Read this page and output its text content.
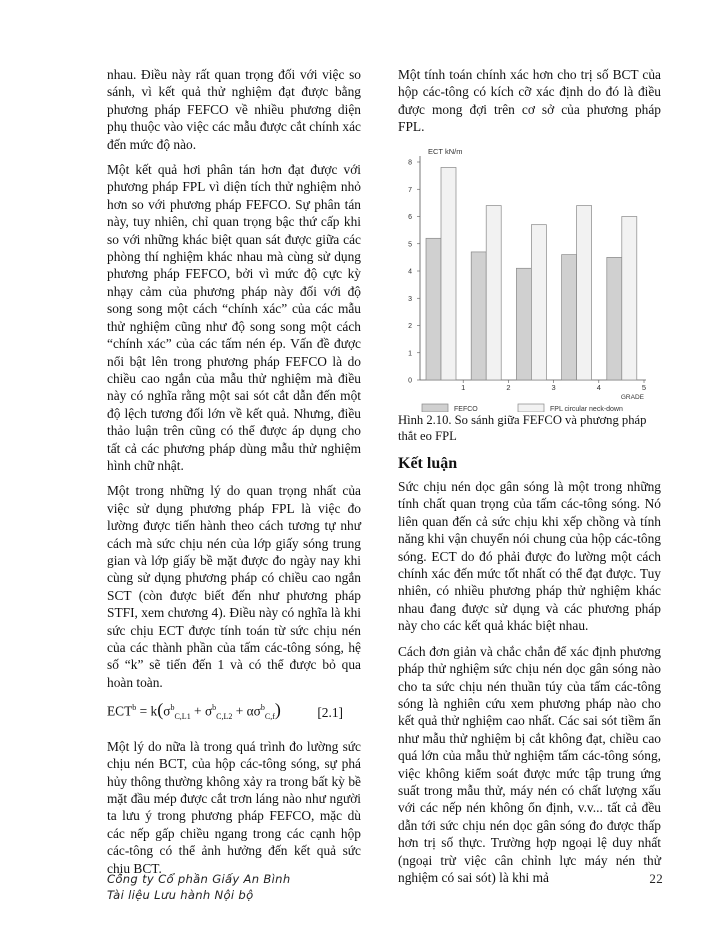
nhau. Điều này rất quan trọng đối với việc so sánh, vì kết quả thử nghiệm đạt được bằng phương pháp FEFCO về nhiều phương diện phụ thuộc vào việc các mẫu được cắt chính xác đến mức độ nào.

Một kết quả hơi phân tán hơn đạt được với phương pháp FPL vì diện tích thử nghiệm nhỏ hơn so với phương pháp FEFCO. Sự phân tán này, tuy nhiên, chỉ quan trọng bậc thứ cấp khi so với những khác biệt quan sát được giữa các phòng thí nghiệm khác nhau mà cùng sử dụng phương pháp FEFCO, bởi vì mức độ cực kỳ nhạy cảm của phương pháp này đối với độ song song một cách “chính xác” của các mẫu thử nghiệm cũng như độ song song một cách “chính xác” của các tấm nén ép. Vấn đề được nổi bật lên trong phương pháp FEFCO là do chiều cao ngắn của mẫu thử nghiệm mà điều này có nghĩa rằng một sai sót cắt dẫn đến một độ lệch tương đối lớn về kết quả. Nhưng, điều thảo luận trên cũng có thể được áp dụng cho tất cả các phương pháp dùng mẫu thử nghiệm hình chữ nhật.

Một trong những lý do quan trọng nhất của việc sử dụng phương pháp FPL là việc đo lường được tiến hành theo cách tương tự như cách mà sức chịu nén của lớp giấy sóng trung gian và lớp giấy bề mặt được đo ngày nay khi cùng sử dụng phương pháp có chiều cao ngắn SCT (còn được biết đến như phương pháp STFI, xem chương 4). Điều này có nghĩa là khi sức chịu ECT được tính toán từ sức chịu nén của các thành phần của tấm các-tông sóng, hệ số “k” sẽ tiến đến 1 và có thể được bỏ qua hoàn toàn.

$ECT^b = k(\sigma^b_{C,L1} + \sigma^b_{C,L2} + \alpha\sigma^b_{C,f})$	[2.1]

Một lý do nữa là trong quá trình đo lường sức chịu nén BCT, của hộp các-tông sóng, sự phá hủy thông thường không xảy ra trong bất kỳ bề mặt đầu mép được cắt trơn láng nào như người ta lưu ý trong phương pháp FEFCO, mặc dù các nếp gấp chiều ngang trong các cạnh hộp các-tông có thể ảnh hưởng đến kết quả sức chịu BCT.

Một tính toán chính xác hơn cho trị số BCT của hộp các-tông có kích cỡ xác định do đó là điều được mong đợi trên cơ sở của phương pháp FPL.

ECT kN/m
0
1
2
3
4
5
6
7
8
1	2	3	4	5
GRADE
FEFCO	FPL circular neck-down

Hình 2.10. So sánh giữa FEFCO và phương pháp thắt eo FPL

Kết luận

Sức chịu nén dọc gân sóng là một trong những tính chất quan trọng của tấm các-tông sóng. Nó liên quan đến cả sức chịu khi xếp chồng và tính năng khi vận chuyển nói chung của hộp các-tông sóng. ECT do đó phải được đo lường một cách chính xác đến mức tốt nhất có thể đạt được. Tuy nhiên, có nhiều phương pháp thử nghiệm khác nhau đang được sử dụng và các phương pháp này cho các kết quả khác biệt nhau.

Cách đơn giản và chắc chắn để xác định phương pháp thử nghiệm sức chịu nén dọc gân sóng nào cho ta sức chịu nén thuần túy của tấm các-tông sóng là nghiên cứu xem phương pháp nào cho kết quả thử nghiệm cao nhất. Các sai sót tiềm ẩn như mẫu thử nghiệm bị cắt không đạt, chiều cao quá lớn của mẫu thử nghiệm tấm các-tông sóng, việc không kiểm soát được mức tập trung ứng suất trong mẫu thử, máy nén có chất lượng xấu với các nếp nén không ổn định, v.v... tất cả đều dẫn tới sức chịu nén dọc gân sóng đo được thấp hơn trị số thực. Trường hợp ngoại lệ duy nhất (ngoại trừ việc cân chỉnh lực máy nén thử nghiệm có sai sót) là khi mả

Công ty Cổ phần Giấy An Bình
Tài liệu Lưu hành Nội bộ
22
